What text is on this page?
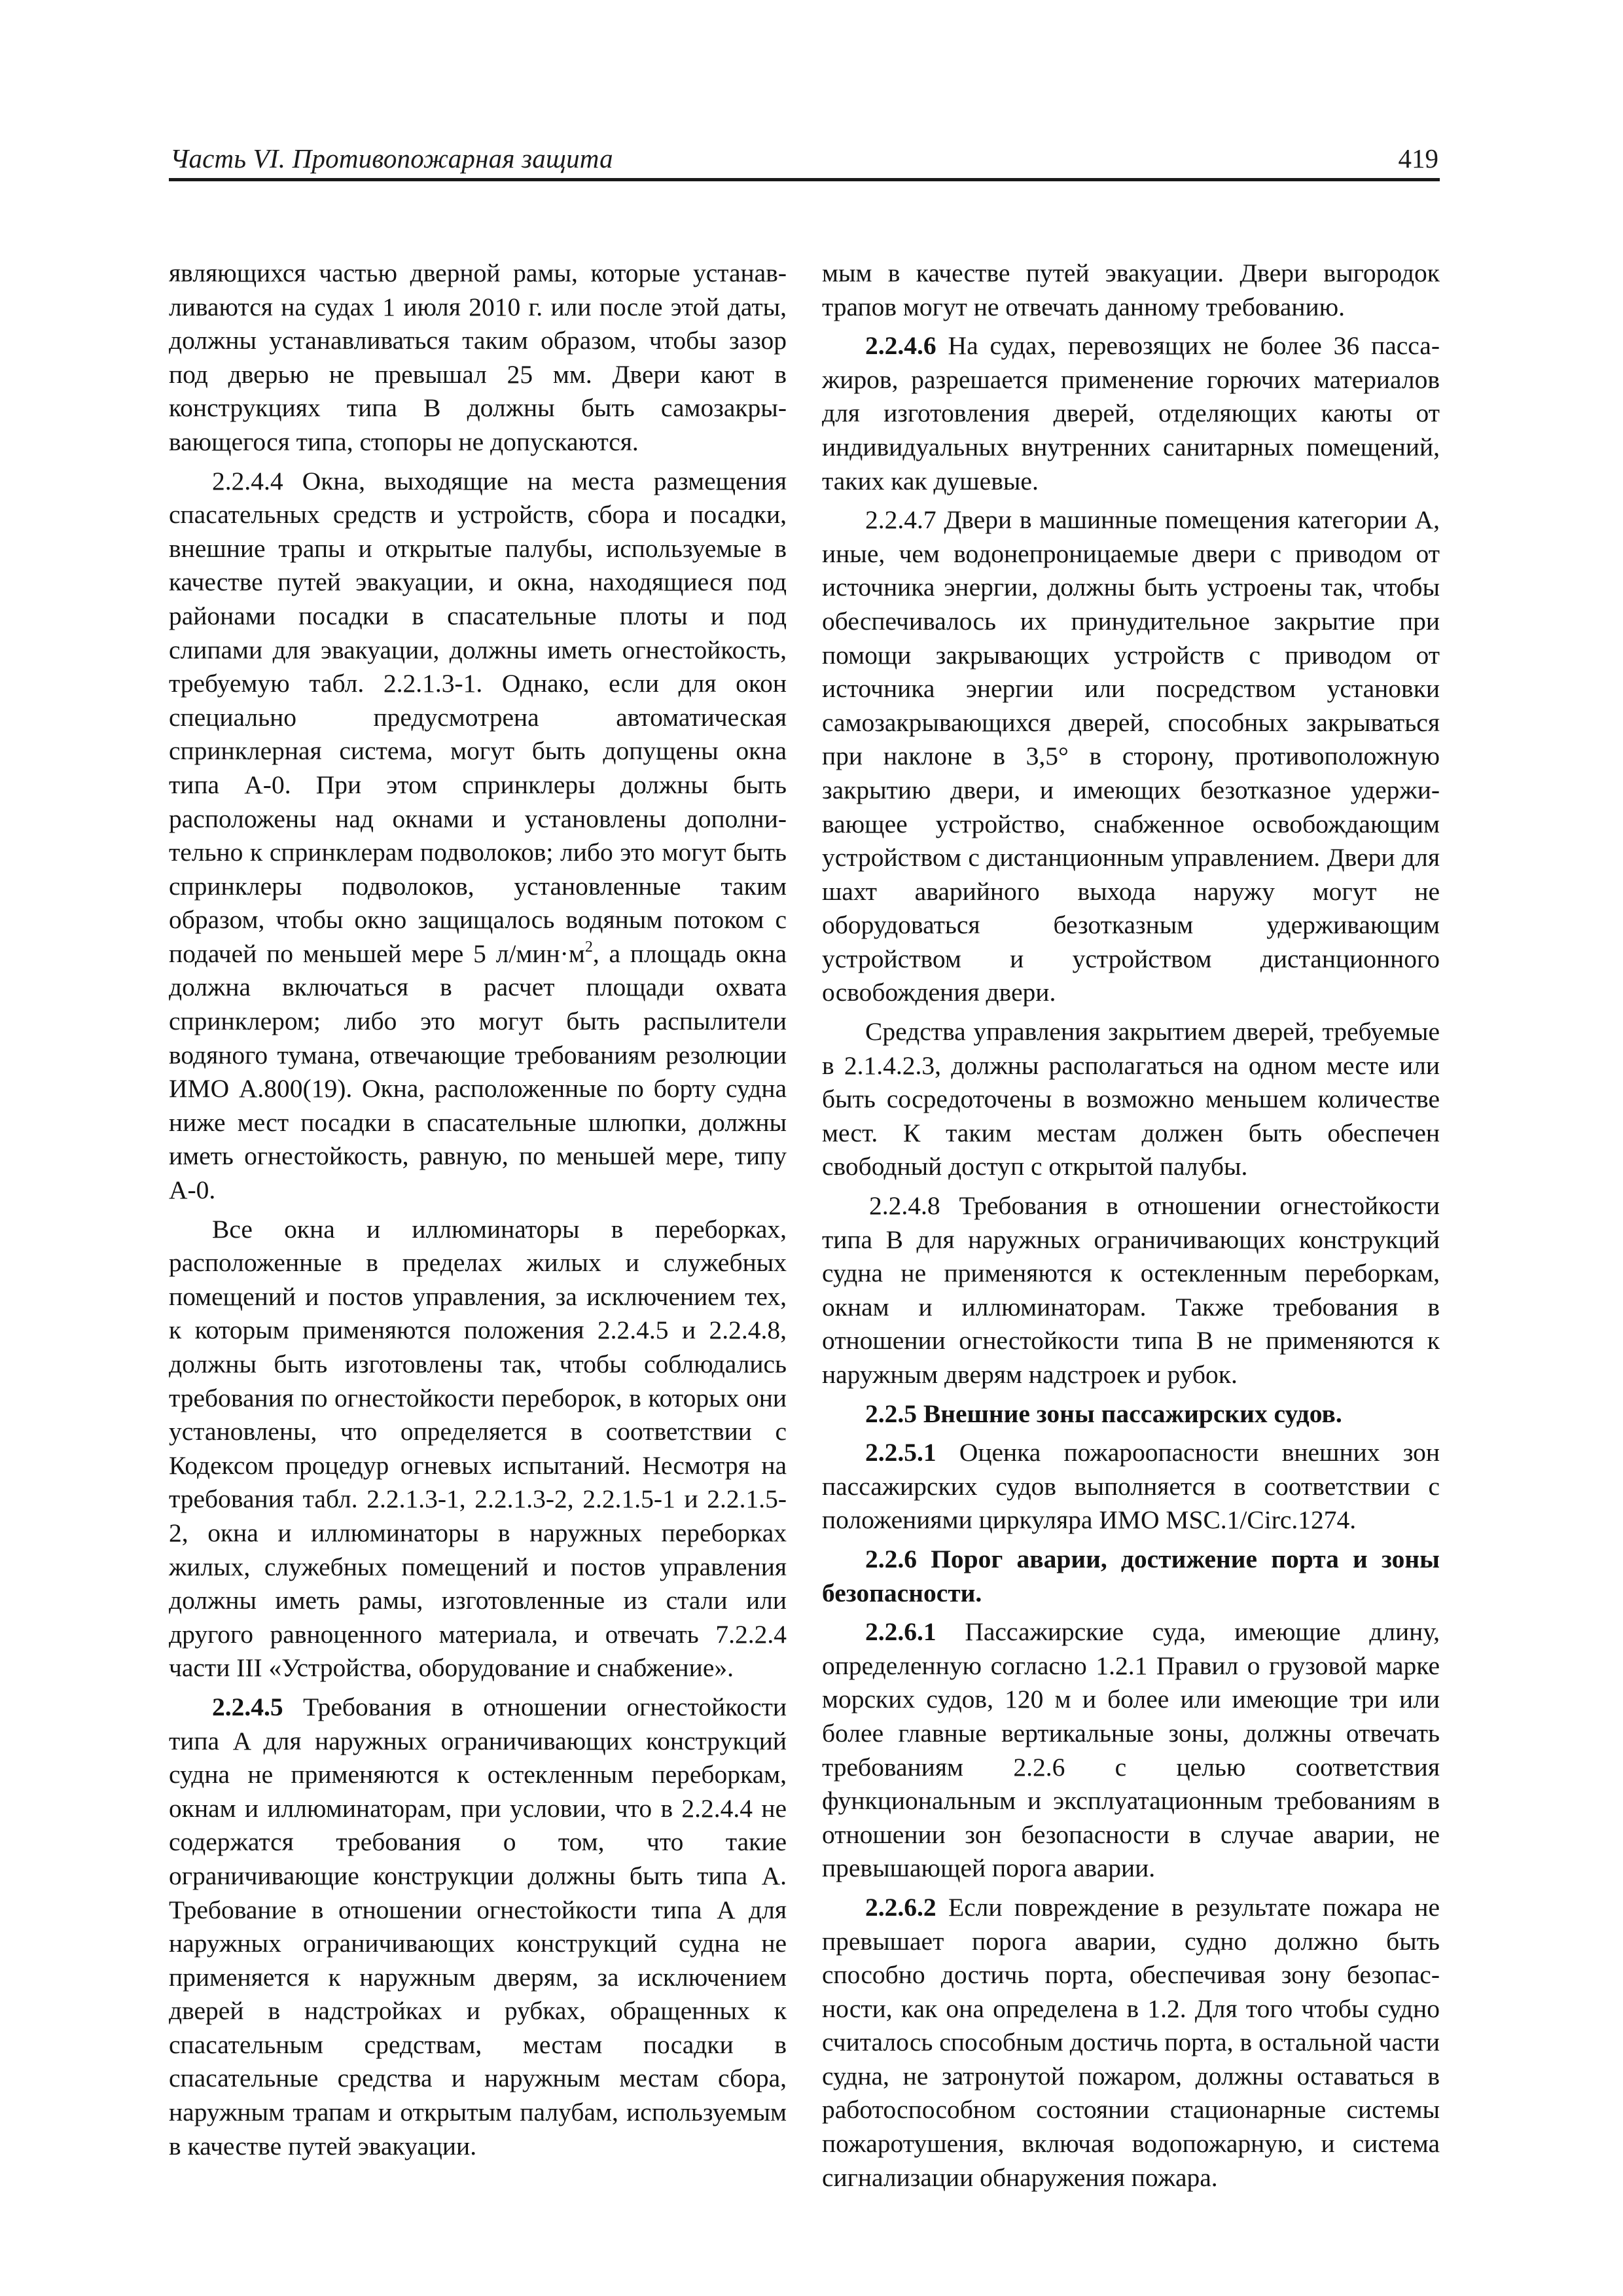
Часть VI. Противопожарная защита	419

являющихся частью дверной рамы, которые устанавливаются на судах 1 июля 2010 г. или после этой даты, должны устанавливаться таким образом, чтобы зазор под дверью не превышал 25 мм. Двери кают в конструкциях типа B должны быть самозакрывающегося типа, стопоры не допускаются.

2.2.4.4 Окна, выходящие на места размещения спасательных средств и устройств, сбора и посадки, внешние трапы и открытые палубы, используемые в качестве путей эвакуации, и окна, находящиеся под районами посадки в спасательные плоты и под слипами для эвакуации, должны иметь огнестойкость, требуемую табл. 2.2.1.3-1. Однако, если для окон специально предусмотрена автоматическая спринклерная система, могут быть допущены окна типа A-0. При этом спринклеры должны быть расположены над окнами и установлены дополнительно к спринклерам подволоков; либо это могут быть спринклеры подволоков, установленные таким образом, чтобы окно защищалось водяным потоком с подачей по меньшей мере 5 $л/мин\cdot м^2$, а площадь окна должна включаться в расчет площади охвата спринклером; либо это могут быть распылители водяного тумана, отвечающие требованиям резолюции ИМО A.800(19). Окна, расположенные по борту судна ниже мест посадки в спасательные шлюпки, должны иметь огнестойкость, равную, по меньшей мере, типу A-0.

Все окна и иллюминаторы в переборках, расположенные в пределах жилых и служебных помещений и постов управления, за исключением тех, к которым применяются положения 2.2.4.5 и 2.2.4.8, должны быть изготовлены так, чтобы соблюдались требования по огнестойкости переборок, в которых они установлены, что определяется в соответствии с Кодексом процедур огневых испытаний. Несмотря на требования табл. 2.2.1.3-1, 2.2.1.3-2, 2.2.1.5-1 и 2.2.1.5-2, окна и иллюминаторы в наружных переборках жилых, служебных помещений и постов управления должны иметь рамы, изготовленные из стали или другого равноценного материала, и отвечать 7.2.2.4 части III «Устройства, оборудование и снабжение».

2.2.4.5 Требования в отношении огнестойкости типа A для наружных ограничивающих конструкций судна не применяются к остекленным переборкам, окнам и иллюминаторам, при условии, что в 2.2.4.4 не содержатся требования о том, что такие ограничивающие конструкции должны быть типа A. Требование в отношении огнестойкости типа A для наружных ограничивающих конструкций судна не применяется к наружным дверям, за исключением дверей в надстройках и рубках, обращенных к спасательным средствам, местам посадки в спасательные средства и наружным местам сбора, наружным трапам и открытым палубам, используемым в качестве путей эвакуации.

мым в качестве путей эвакуации. Двери выгородок трапов могут не отвечать данному требованию.

2.2.4.6 На судах, перевозящих не более 36 пассажиров, разрешается применение горючих материалов для изготовления дверей, отделяющих каюты от индивидуальных внутренних санитарных помещений, таких как душевые.

2.2.4.7 Двери в машинные помещения категории A, иные, чем водонепроницаемые двери с приводом от источника энергии, должны быть устроены так, чтобы обеспечивалось их принудительное закрытие при помощи закрывающих устройств с приводом от источника энергии или посредством установки самозакрывающихся дверей, способных закрываться при наклоне в 3,5° в сторону, противоположную закрытию двери, и имеющих безотказное удержи-вающее устройство, снабженное освобождающим устройством с дистанционным управлением. Двери для шахт аварийного выхода наружу могут не оборудоваться безотказным удерживающим устройством и устройством дистанционного освобождения двери.

Средства управления закрытием дверей, требуемые в 2.1.4.2.3, должны располагаться на одном месте или быть сосредоточены в возможно меньшем количестве мест. К таким местам должен быть обеспечен свободный доступ с открытой палубы.

2.2.4.8 Требования в отношении огнестойкости типа B для наружных ограничивающих конструкций судна не применяются к остекленным переборкам, окнам и иллюминаторам. Также требования в отношении огнестойкости типа B не применяются к наружным дверям надстроек и рубок.

2.2.5 Внешние зоны пассажирских судов.

2.2.5.1 Оценка пожароопасности внешних зон пассажирских судов выполняется в соответствии с положениями циркуляра ИМО MSC.1/Circ.1274.

2.2.6 Порог аварии, достижение порта и зоны безопасности.

2.2.6.1 Пассажирские суда, имеющие длину, определенную согласно 1.2.1 Правил о грузовой марке морских судов, 120 м и более или имеющие три или более главные вертикальные зоны, должны отвечать требованиям 2.2.6 с целью соответствия функциональным и эксплуатационным требованиям в отношении зон безопасности в случае аварии, не превышающей порога аварии.

2.2.6.2 Если повреждение в результате пожара не превышает порога аварии, судно должно быть способно достичь порта, обеспечивая зону безопасности, как она определена в 1.2. Для того чтобы судно считалось способным достичь порта, в остальной части судна, не затронутой пожаром, должны оставаться в работоспособном состоянии стационарные системы пожаротушения, включая водопожарную, и система сигнализации обнаружения пожара.
